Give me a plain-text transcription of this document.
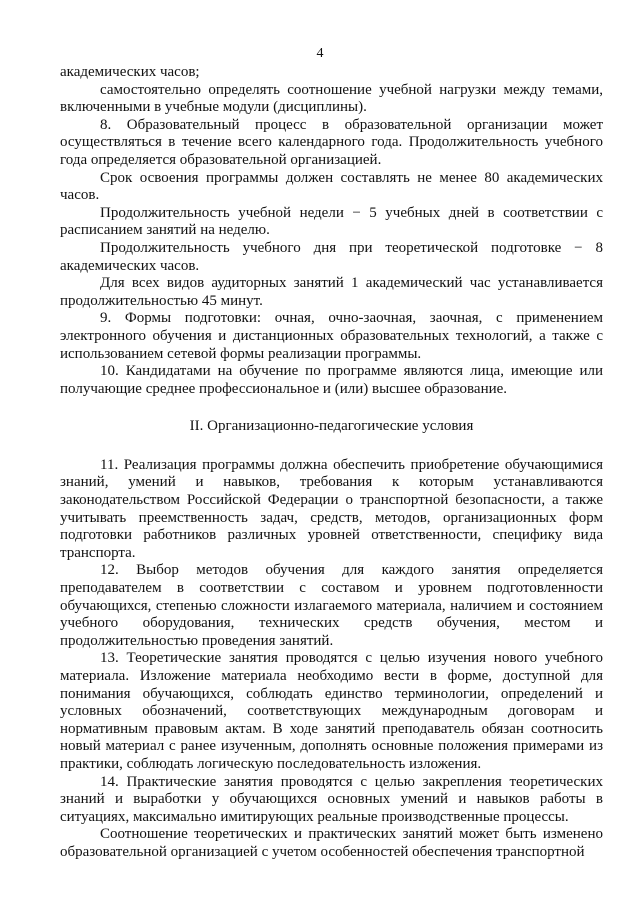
4

академических часов;

самостоятельно определять соотношение учебной нагрузки между темами, включенными в учебные модули (дисциплины).

8. Образовательный процесс в образовательной организации может осуществляться в течение всего календарного года. Продолжительность учебного года определяется образовательной организацией.

Срок освоения программы должен составлять не менее 80 академических часов.

Продолжительность учебной недели − 5 учебных дней в соответствии с расписанием занятий на неделю.

Продолжительность учебного дня при теоретической подготовке − 8 академических часов.

Для всех видов аудиторных занятий 1 академический час устанавливается продолжительностью 45 минут.

9. Формы подготовки: очная, очно-заочная, заочная, с применением электронного обучения и дистанционных образовательных технологий, а также с использованием сетевой формы реализации программы.

10. Кандидатами на обучение по программе являются лица, имеющие или получающие среднее профессиональное и (или) высшее образование.

II. Организационно-педагогические условия

11. Реализация программы должна обеспечить приобретение обучающимися знаний, умений и навыков, требования к которым устанавливаются законодательством Российской Федерации о транспортной безопасности, а также учитывать преемственность задач, средств, методов, организационных форм подготовки работников различных уровней ответственности, специфику вида транспорта.

12. Выбор методов обучения для каждого занятия определяется преподавателем в соответствии с составом и уровнем подготовленности обучающихся, степенью сложности излагаемого материала, наличием и состоянием учебного оборудования, технических средств обучения, местом и продолжительностью проведения занятий.

13. Теоретические занятия проводятся с целью изучения нового учебного материала. Изложение материала необходимо вести в форме, доступной для понимания обучающихся, соблюдать единство терминологии, определений и условных обозначений, соответствующих международным договорам и нормативным правовым актам. В ходе занятий преподаватель обязан соотносить новый материал с ранее изученным, дополнять основные положения примерами из практики, соблюдать логическую последовательность изложения.

14. Практические занятия проводятся с целью закрепления теоретических знаний и выработки у обучающихся основных умений и навыков работы в ситуациях, максимально имитирующих реальные производственные процессы.

Соотношение теоретических и практических занятий может быть изменено образовательной организацией с учетом особенностей обеспечения транспортной
